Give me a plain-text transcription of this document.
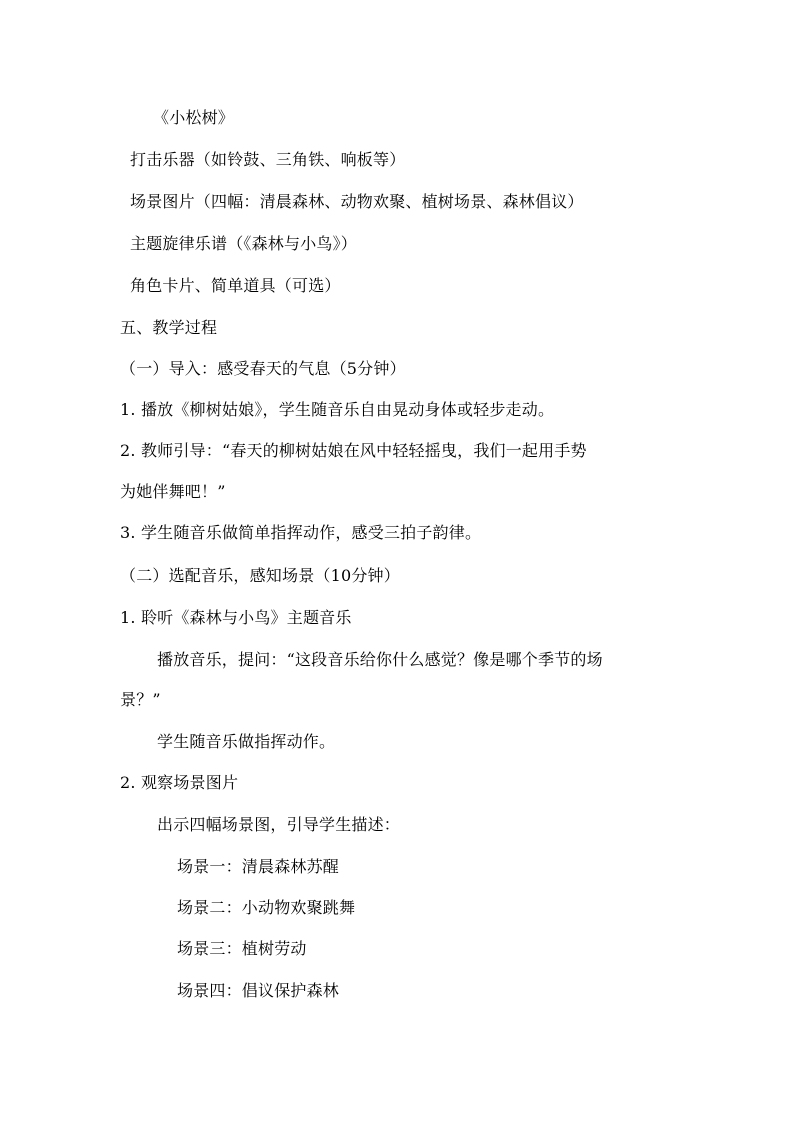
《小松树》
打击乐器（如铃鼓、三角铁、响板等）
场景图片（四幅：清晨森林、动物欢聚、植树场景、森林倡议）
主题旋律乐谱（《森林与小鸟》）
角色卡片、简单道具（可选）
五、教学过程
（一）导入：感受春天的气息（5分钟）
1. 播放《柳树姑娘》，学生随音乐自由晃动身体或轻步走动。
2. 教师引导：“春天的柳树姑娘在风中轻轻摇曳，我们一起用手势
为她伴舞吧！”
3. 学生随音乐做简单指挥动作，感受三拍子韵律。
（二）选配音乐，感知场景（10分钟）
1. 聆听《森林与小鸟》主题音乐
播放音乐，提问：“这段音乐给你什么感觉？像是哪个季节的场
景？”
学生随音乐做指挥动作。
2. 观察场景图片
出示四幅场景图，引导学生描述：
场景一：清晨森林苏醒
场景二：小动物欢聚跳舞
场景三：植树劳动
场景四：倡议保护森林
